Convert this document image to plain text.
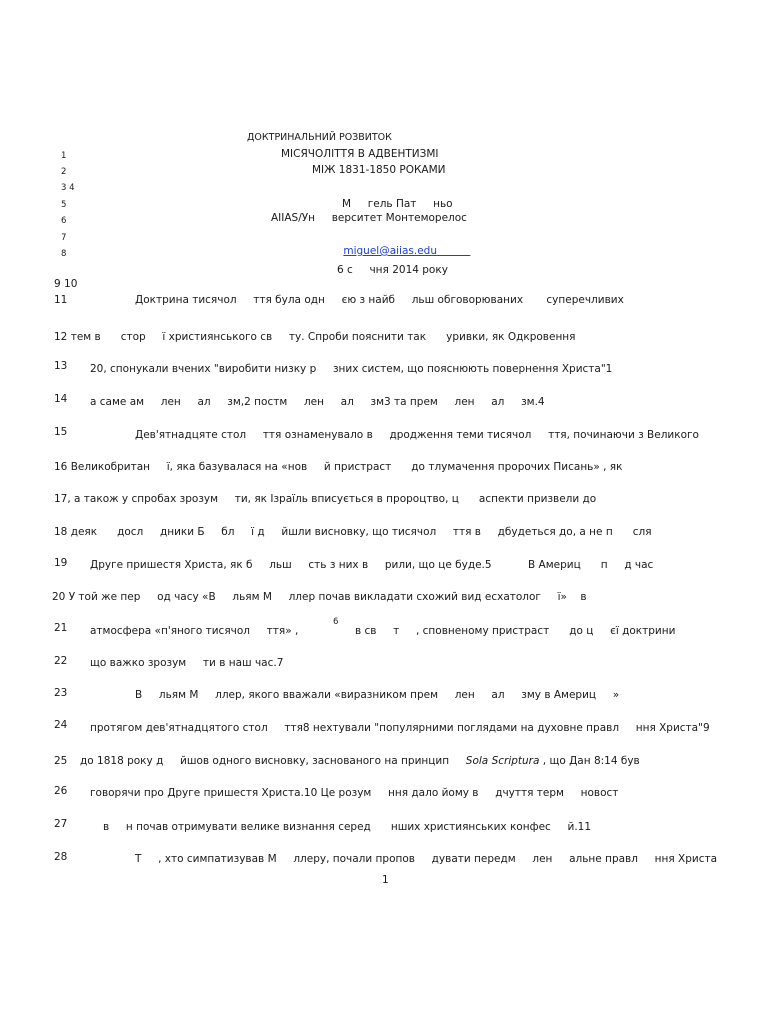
ДОКТРИНАЛЬНИЙ РОЗВИТОК
МІСЯЧОЛІТТЯ В АДВЕНТИЗМІ
МІЖ 1831-1850 РОКАМИ
М     гель Пат     ньо
AIIAS/Ун     верситет Монтеморелос

miguel@aiias.edu

6 с     чня 2014 року
1
2
3 4
5
6
7
8
9 10
11
13
14
15
19
21
22
23
24
25
26
27
28
Доктрина тисячол     ття була одн     єю з найб     льш обговорюваних       суперечливих
12 тем в      стор     ї християнського св     ту. Спроби пояснити так      уривки, як Одкровення
20, спонукали вчених "виробити низку р     зних систем, що пояснюють повернення Христа"1
а саме ам     лен     ал     зм,2 постм     лен     ал     зм3 та прем     лен     ал     зм.4
Дев'ятнадцяте стол     ття ознаменувало в     дродження теми тисячол     ття, починаючи з Великого
16 Великобритан     ї, яка базувалася на «нов     й пристраст      до тлумачення пророчих Писань» , як
17, а також у спробах зрозум     ти, як Ізраїль вписується в пророцтво, ц      аспекти призвели до
18 деяк      досл     дники Б     бл     ї д     йшли висновку, що тисячол     ття в     дбудеться до, а не п      сля
Друге пришестя Христа, як б     льш     сть з них в     рили, що це буде.5	В Америц      п     д час
20 У той же пер     од часу «В     льям М     ллер почав викладати схожий вид есхатолог     ї»    в
атмосфера «п'яного тисячол     ття» ,
6
в св     т     , сповненому пристраст      до ц     єї доктрини
що важко зрозум     ти в наш час.7
В     льям М     ллер, якого вважали «виразником прем     лен     ал     зму в Америц     »
протягом дев'ятнадцятого стол     ття8 нехтували "популярними поглядами на духовне правл     ння Христа"9
до 1818 року д     йшов одного висновку, заснованого на принцип     Sola Scriptura , що Дан 8:14 був
говорячи про Друге пришестя Христа.10 Це розум     ння дало йому в     дчуття терм     новост
в     н почав отримувати велике визнання серед      нших християнських конфес     й.11
Т     , хто симпатизував М     ллеру, почали пропов     дувати передм     лен     альне правл     ння Христа
1
